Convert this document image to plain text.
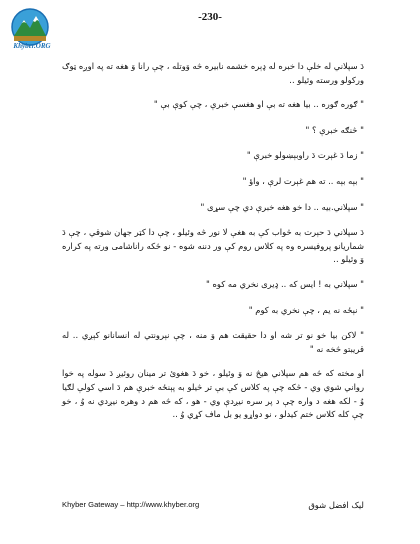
Khyber.ORG
-230-

دَ سپلاني له خلې دا خبره له ډېره خشمه نابيره څه وَوتله ، چې رانا وَ هغه ته په اوږه ټوګ ورکولو ورسته وئيلو ..

" ګوره ګوره .. بيا هغه ته بې او هغسې خبرې ، چې کوې بې "

" څنګه خبرې ؟ "

" زما دَ غېرت دَ راوبېښولو خبرې "

" بېه بېه .. ته هم غېرت لرې ، واؤ "

" سپلاني.بيه .. دا خو هغه خبرې دي چې سړی "

دَ سپلاني دَ حېرت به څواب کې به هغې لا نور څه وئيلو ، چې دا کټر جهان شوقي ، چې دَ شماريانو پروفيسره وه په کلاس روم کې ور دننه شوه - نو څکه راناشامی ورته په کراره وَ وئيلو ..

" سپلاني به ! ايس که .. ډيری نخري مه کوه "

" نېځه نه يم ، چې نخري به کوم "

" لاکن بيا خو نو تر شه او دا حقيقت هم وَ منه ، چې نېرونتي له انسانانو کېږي .. له قريبتو څخه نه "

او مخته که څه هم سپلاني هيڅ نه وَ وئيلو ، خو دَ هغوئ تر مينان روئيږ دَ سوله په خوا رواني شوي وي - څکه چې په کلاس کې بې تر څيلو به پېنځه خبرې هم دَ اسي کولې لګيا وُ - لکه هغه د واره چې د پر سره نيږدې وي - هو ، که څه هم د وهره نيږدي نه وُ ، خو چې کله کلاس ختم کيدلو ، نو دواړو يو بل ماف کړي وُ ..

Khyber Gateway – http://www.khyber.org	ليک افضل شوق
